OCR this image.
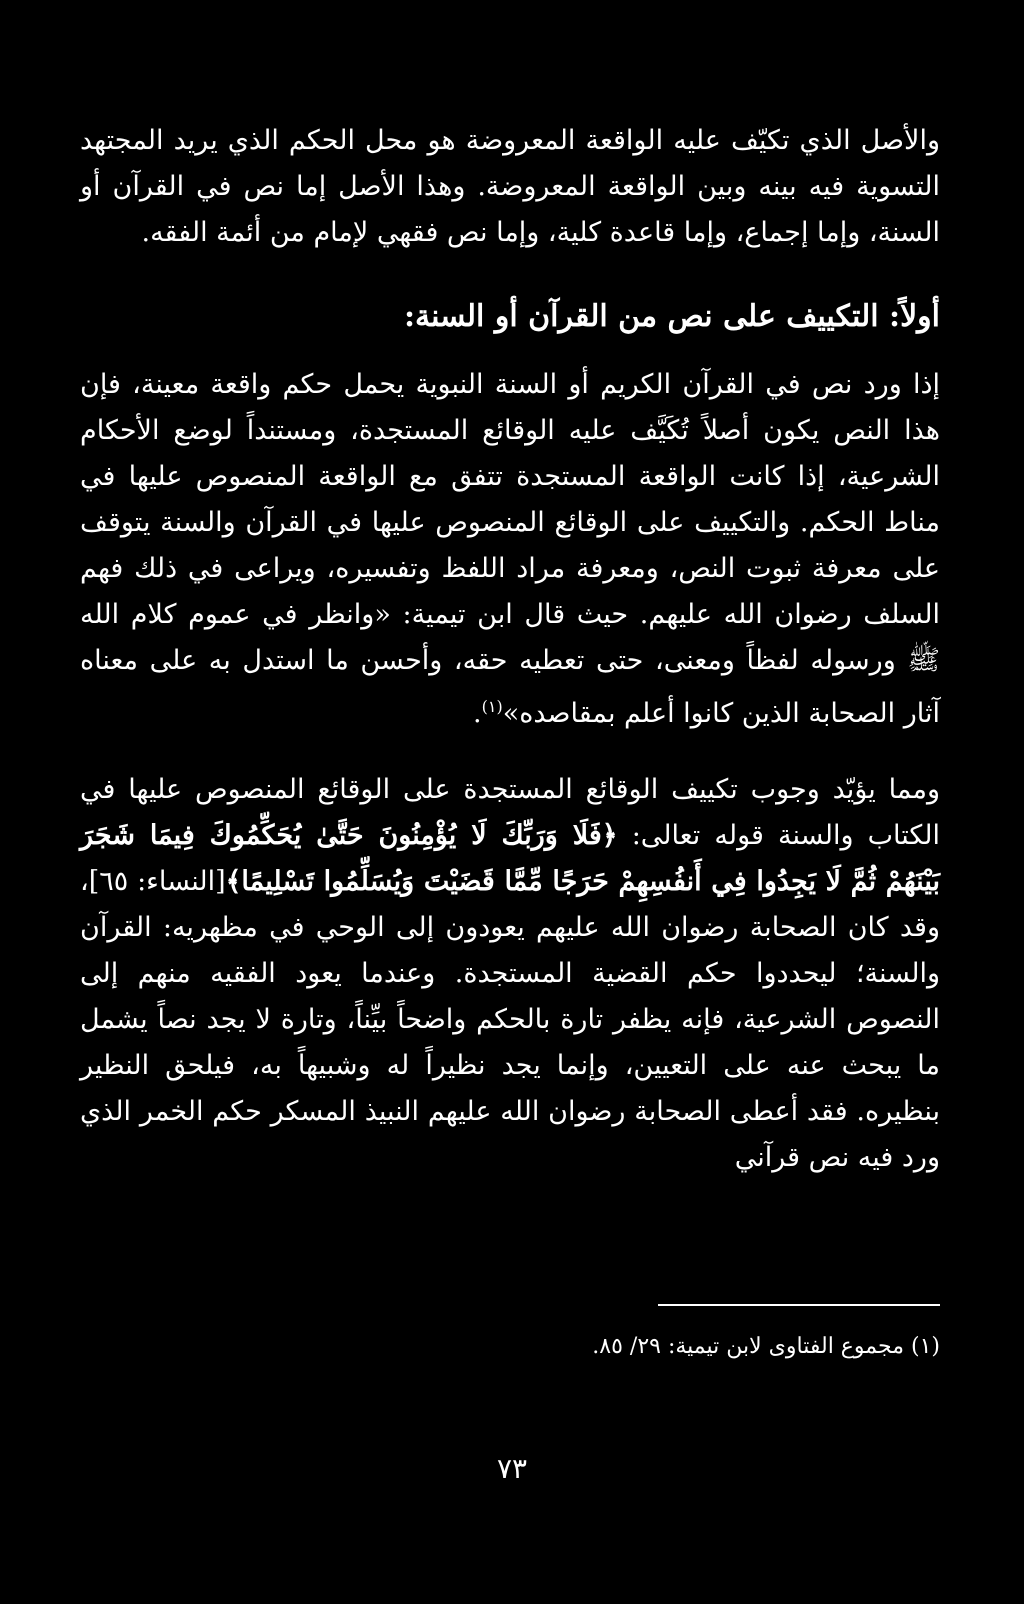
والأصل الذي تكيّف عليه الواقعة المعروضة هو محل الحكم الذي يريد المجتهد التسوية فيه بينه وبين الواقعة المعروضة. وهذا الأصل إما نص في القرآن أو السنة، وإما إجماع، وإما قاعدة كلية، وإما نص فقهي لإمام من أئمة الفقه.

أولاً: التكييف على نص من القرآن أو السنة:

إذا ورد نص في القرآن الكريم أو السنة النبوية يحمل حكم واقعة معينة، فإن هذا النص يكون أصلاً تُكَيَّف عليه الوقائع المستجدة، ومستنداً لوضع الأحكام الشرعية، إذا كانت الواقعة المستجدة تتفق مع الواقعة المنصوص عليها في مناط الحكم. والتكييف على الوقائع المنصوص عليها في القرآن والسنة يتوقف على معرفة ثبوت النص، ومعرفة مراد اللفظ وتفسيره، ويراعى في ذلك فهم السلف رضوان الله عليهم. حيث قال ابن تيمية: «وانظر في عموم كلام الله ﷺ ورسوله لفظاً ومعنى، حتى تعطيه حقه، وأحسن ما استدل به على معناه آثار الصحابة الذين كانوا أعلم بمقاصده»$^{(١)}$.

ومما يؤيّد وجوب تكييف الوقائع المستجدة على الوقائع المنصوص عليها في الكتاب والسنة قوله تعالى: ﴿فَلَا وَرَبِّكَ لَا يُؤْمِنُونَ حَتَّىٰ يُحَكِّمُوكَ فِيمَا شَجَرَ بَيْنَهُمْ ثُمَّ لَا يَجِدُوا فِي أَنفُسِهِمْ حَرَجًا مِّمَّا قَضَيْتَ وَيُسَلِّمُوا تَسْلِيمًا﴾[النساء: ٦٥]، وقد كان الصحابة رضوان الله عليهم يعودون إلى الوحي في مظهريه: القرآن والسنة؛ ليحددوا حكم القضية المستجدة. وعندما يعود الفقيه منهم إلى النصوص الشرعية، فإنه يظفر تارة بالحكم واضحاً بيِّناً، وتارة لا يجد نصاً يشمل ما يبحث عنه على التعيين، وإنما يجد نظيراً له وشبيهاً به، فيلحق النظير بنظيره. فقد أعطى الصحابة رضوان الله عليهم النبيذ المسكر حكم الخمر الذي ورد فيه نص قرآني

(١) مجموع الفتاوى لابن تيمية: ٢٩/ ٨٥.
٧٣
